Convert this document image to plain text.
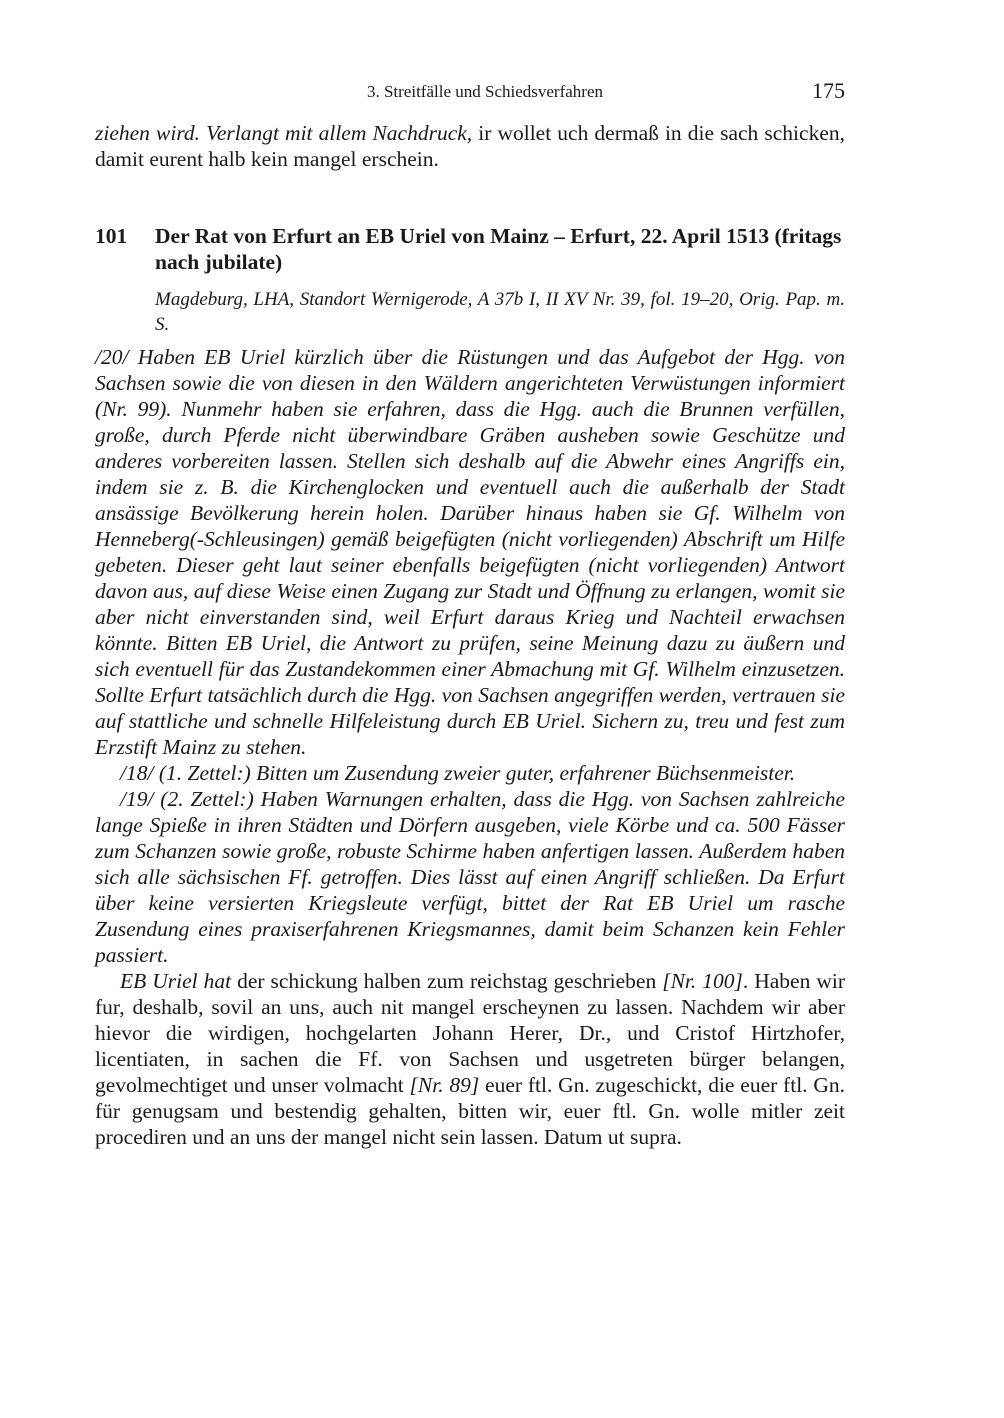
3. Streitfälle und Schiedsverfahren	175

ziehen wird. Verlangt mit allem Nachdruck, ir wollet uch dermaß in die sach schicken, damit eurent halb kein mangel erschein.

101	Der Rat von Erfurt an EB Uriel von Mainz – Erfurt, 22. April 1513 (fritags nach jubilate)
Magdeburg, LHA, Standort Wernigerode, A 37b I, II XV Nr. 39, fol. 19–20, Orig. Pap. m. S.

/20/ Haben EB Uriel kürzlich über die Rüstungen und das Aufgebot der Hgg. von Sachsen sowie die von diesen in den Wäldern angerichteten Verwüstungen informiert (Nr. 99). Nunmehr haben sie erfahren, dass die Hgg. auch die Brunnen verfüllen, große, durch Pferde nicht überwindbare Gräben ausheben sowie Geschütze und anderes vorbereiten lassen. Stellen sich deshalb auf die Abwehr eines Angriffs ein, indem sie z. B. die Kirchenglocken und eventuell auch die außerhalb der Stadt ansässige Bevölkerung herein holen. Darüber hinaus haben sie Gf. Wilhelm von Henneberg(-Schleusingen) gemäß beigefügten (nicht vorliegenden) Abschrift um Hilfe gebeten. Dieser geht laut seiner ebenfalls beigefügten (nicht vorliegenden) Antwort davon aus, auf diese Weise einen Zugang zur Stadt und Öffnung zu erlangen, womit sie aber nicht einverstanden sind, weil Erfurt daraus Krieg und Nachteil erwachsen könnte. Bitten EB Uriel, die Antwort zu prüfen, seine Meinung dazu zu äußern und sich eventuell für das Zustandekommen einer Abmachung mit Gf. Wilhelm einzusetzen. Sollte Erfurt tatsächlich durch die Hgg. von Sachsen angegriffen werden, vertrauen sie auf stattliche und schnelle Hilfeleistung durch EB Uriel. Sichern zu, treu und fest zum Erzstift Mainz zu stehen.

/18/ (1. Zettel:) Bitten um Zusendung zweier guter, erfahrener Büchsenmeister.

/19/ (2. Zettel:) Haben Warnungen erhalten, dass die Hgg. von Sachsen zahlreiche lange Spieße in ihren Städten und Dörfern ausgeben, viele Körbe und ca. 500 Fässer zum Schanzen sowie große, robuste Schirme haben anfertigen lassen. Außerdem haben sich alle sächsischen Ff. getroffen. Dies lässt auf einen Angriff schließen. Da Erfurt über keine versierten Kriegsleute verfügt, bittet der Rat EB Uriel um rasche Zusendung eines praxiserfahrenen Kriegsmannes, damit beim Schanzen kein Fehler passiert.

EB Uriel hat der schickung halben zum reichstag geschrieben [Nr. 100]. Haben wir fur, deshalb, sovil an uns, auch nit mangel erscheynen zu lassen. Nachdem wir aber hievor die wirdigen, hochgelarten Johann Herer, Dr., und Cristof Hirtzhofer, licentiaten, in sachen die Ff. von Sachsen und usgetreten bürger belangen, gevolmechtiget und unser volmacht [Nr. 89] euer ftl. Gn. zugeschickt, die euer ftl. Gn. für genugsam und bestendig gehalten, bitten wir, euer ftl. Gn. wolle mitler zeit procediren und an uns der mangel nicht sein lassen. Datum ut supra.
